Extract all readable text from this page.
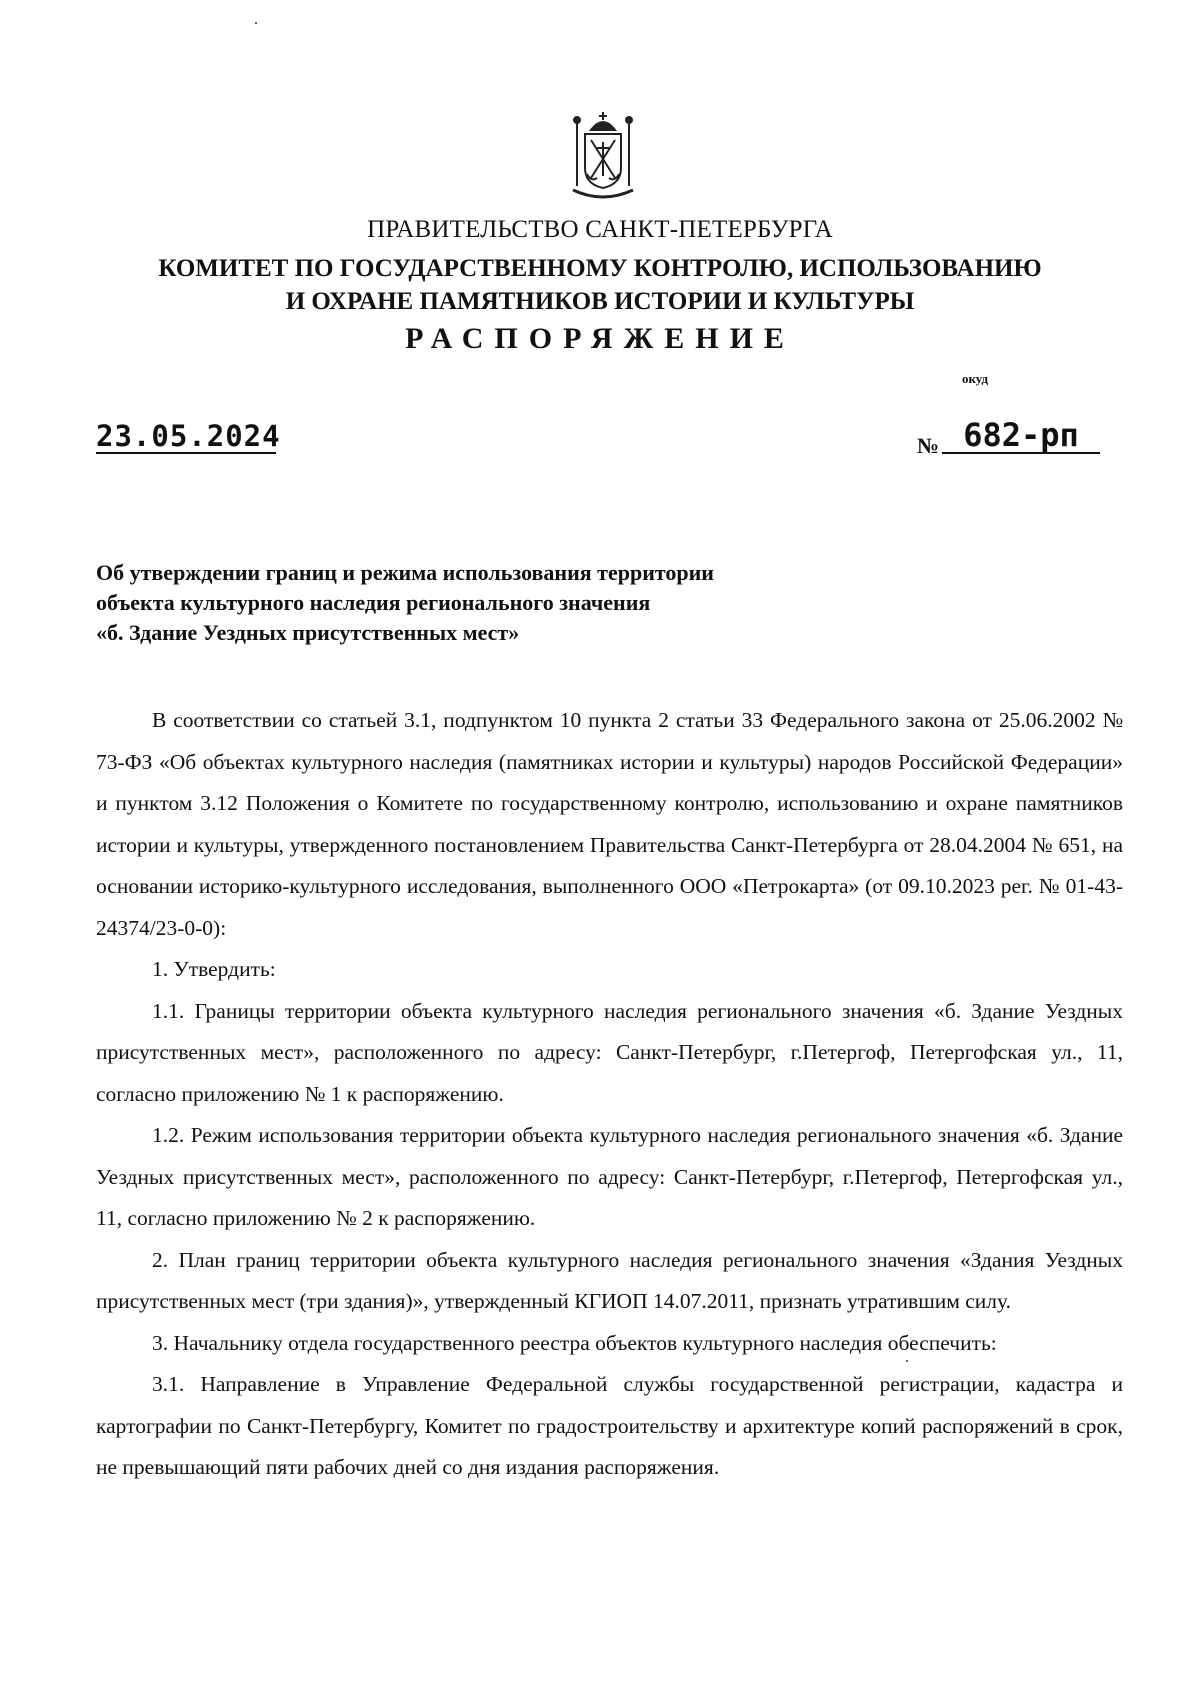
ПРАВИТЕЛЬСТВО САНКТ-ПЕТЕРБУРГА
КОМИТЕТ ПО ГОСУДАРСТВЕННОМУ КОНТРОЛЮ, ИСПОЛЬЗОВАНИЮ
И ОХРАНЕ ПАМЯТНИКОВ ИСТОРИИ И КУЛЬТУРЫ
РАСПОРЯЖЕНИЕ
окуд
23.05.2024	№ 682-рп
Об утверждении границ и режима использования территории
объекта культурного наследия регионального значения
«б. Здание Уездных присутственных мест»

В соответствии со статьей 3.1, подпунктом 10 пункта 2 статьи 33 Федерального закона от 25.06.2002 № 73-ФЗ «Об объектах культурного наследия (памятниках истории и культуры) народов Российской Федерации» и пунктом 3.12 Положения о Комитете по государственному контролю, использованию и охране памятников истории и культуры, утвержденного постановлением Правительства Санкт-Петербурга от 28.04.2004 № 651, на основании историко-культурного исследования, выполненного ООО «Петрокарта» (от 09.10.2023 рег. № 01-43-24374/23-0-0):

1. Утвердить:

1.1. Границы территории объекта культурного наследия регионального значения «б. Здание Уездных присутственных мест», расположенного по адресу: Санкт-Петербург, г.Петергоф, Петергофская ул., 11, согласно приложению № 1 к распоряжению.

1.2. Режим использования территории объекта культурного наследия регионального значения «б. Здание Уездных присутственных мест», расположенного по адресу: Санкт-Петербург, г.Петергоф, Петергофская ул., 11, согласно приложению № 2 к распоряжению.

2. План границ территории объекта культурного наследия регионального значения «Здания Уездных присутственных мест (три здания)», утвержденный КГИОП 14.07.2011, признать утратившим силу.

3. Начальнику отдела государственного реестра объектов культурного наследия обеспечить:

3.1. Направление в Управление Федеральной службы государственной регистрации, кадастра и картографии по Санкт-Петербургу, Комитет по градостроительству и архитектуре копий распоряжений в срок, не превышающий пяти рабочих дней со дня издания распоряжения.
